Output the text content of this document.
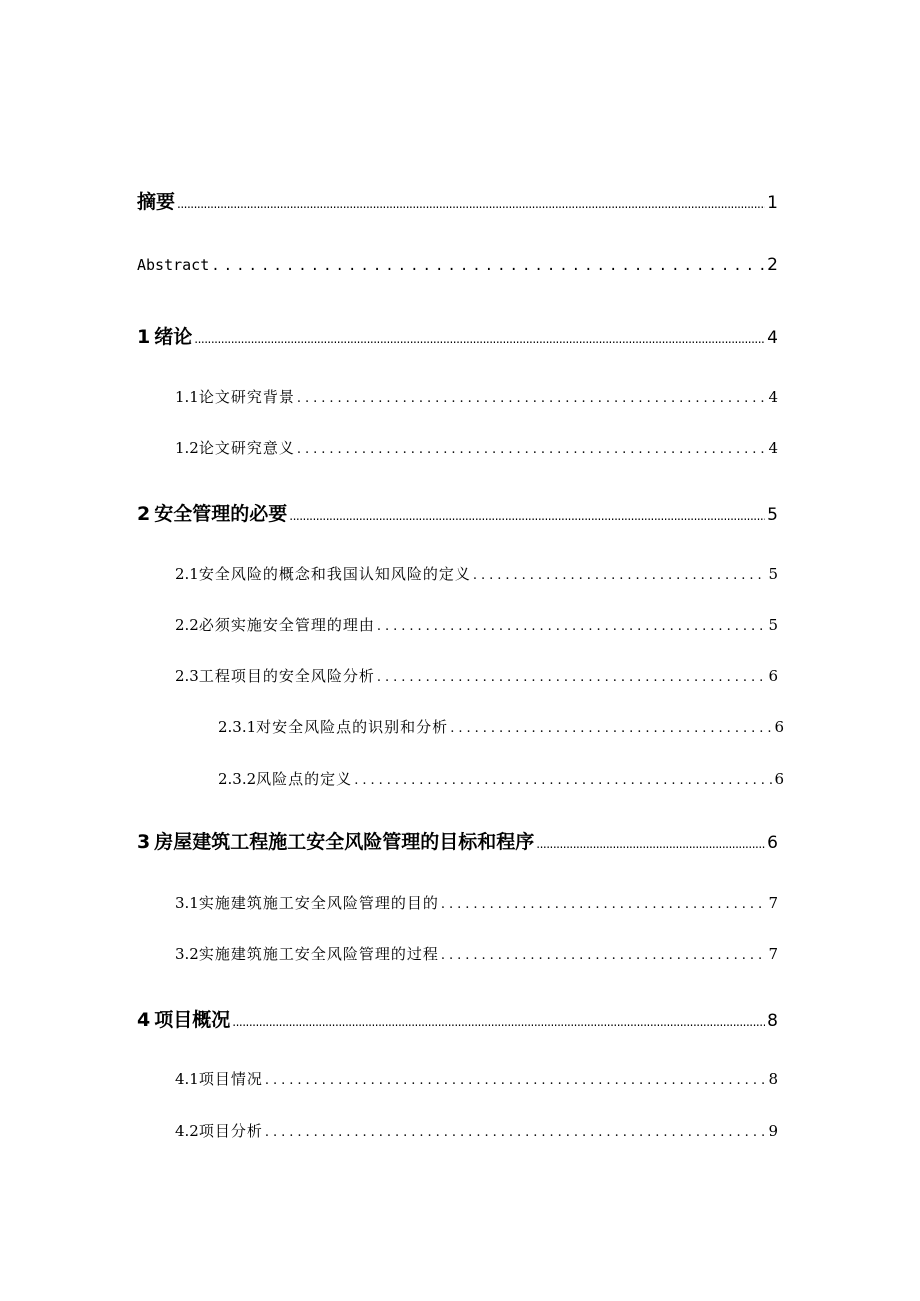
摘要 .....	1
Abstract .....	2
1 绪论 .....	4
1.1 论文研究背景 .....	4
1.2 论文研究意义 .....	4
2 安全管理的必要 .....	5
2.1 安全风险的概念和我国认知风险的定义 .....	5
2.2 必须实施安全管理的理由 .....	5
2.3 工程项目的安全风险分析 .....	6
2.3.1 对安全风险点的识别和分析 .....	6
2.3.2 风险点的定义 .....	6
3 房屋建筑工程施工安全风险管理的目标和程序 .....	6
3.1 实施建筑施工安全风险管理的目的 .....	7
3.2 实施建筑施工安全风险管理的过程 .....	7
4 项目概况 .....	8
4.1 项目情况 .....	8
4.2 项目分析 .....	9
